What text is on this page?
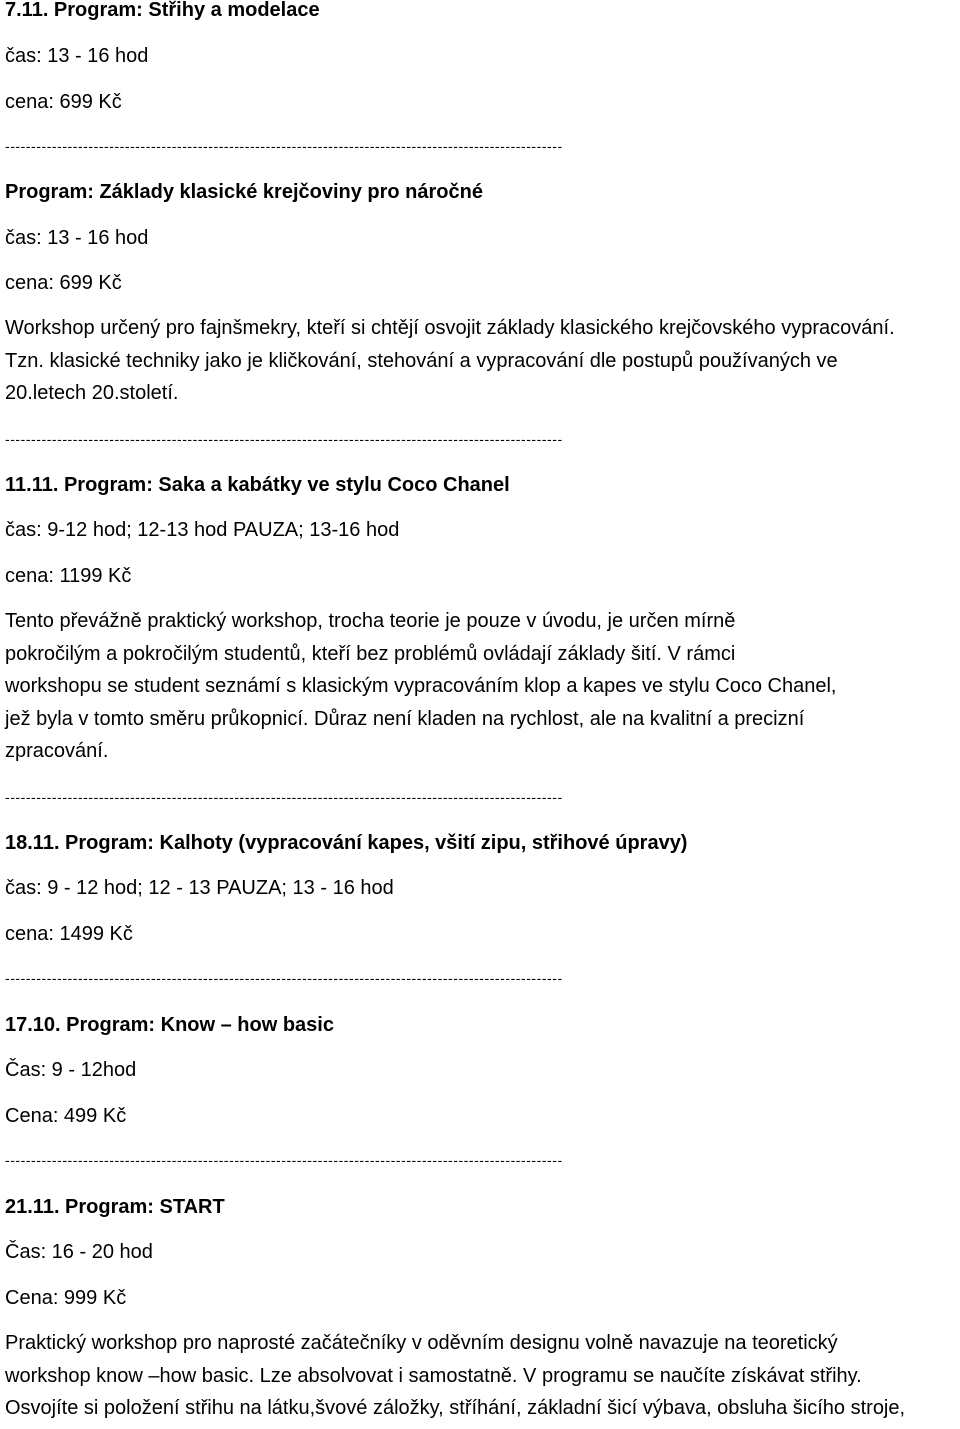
7.11. Program: Střihy a modelace
čas: 13 - 16 hod
cena: 699 Kč
-----------------------------------------------------------------------------------------------------------
Program: Základy klasické krejčoviny pro náročné
čas: 13 - 16 hod
cena: 699 Kč
Workshop určený pro fajnšmekry, kteří si chtějí osvojit základy klasického krejčovského vypracování.
Tzn. klasické techniky jako je kličkování, stehování a vypracování dle postupů používaných ve
20.letech 20.století.
-----------------------------------------------------------------------------------------------------------
11.11. Program: Saka a kabátky ve stylu Coco Chanel
čas: 9-12 hod; 12-13 hod PAUZA; 13-16 hod
cena: 1199 Kč
Tento převážně praktický workshop, trocha teorie je pouze v úvodu, je určen mírně
pokročilým a pokročilým studentů, kteří bez problémů ovládají základy šití. V rámci
workshopu se student seznámí s klasickým vypracováním klop a kapes ve stylu Coco Chanel,
jež byla v tomto směru průkopnicí. Důraz není kladen na rychlost, ale na kvalitní a precizní
zpracování.
-----------------------------------------------------------------------------------------------------------
18.11. Program: Kalhoty (vypracování kapes, všití zipu, střihové úpravy)
čas: 9 - 12 hod; 12 - 13 PAUZA; 13 - 16 hod
cena: 1499 Kč
-----------------------------------------------------------------------------------------------------------
17.10. Program: Know – how basic
Čas: 9 - 12hod
Cena: 499 Kč
-----------------------------------------------------------------------------------------------------------
21.11. Program: START
Čas: 16 - 20 hod
Cena: 999 Kč
Praktický workshop pro naprosté začátečníky v oděvním designu volně navazuje na teoretický
workshop know –how basic. Lze absolvovat i samostatně. V programu se naučíte získávat střihy.
Osvojíte si položení střihu na látku,švové záložky, stříhání, základní šicí výbava, obsluha šicího stroje,
